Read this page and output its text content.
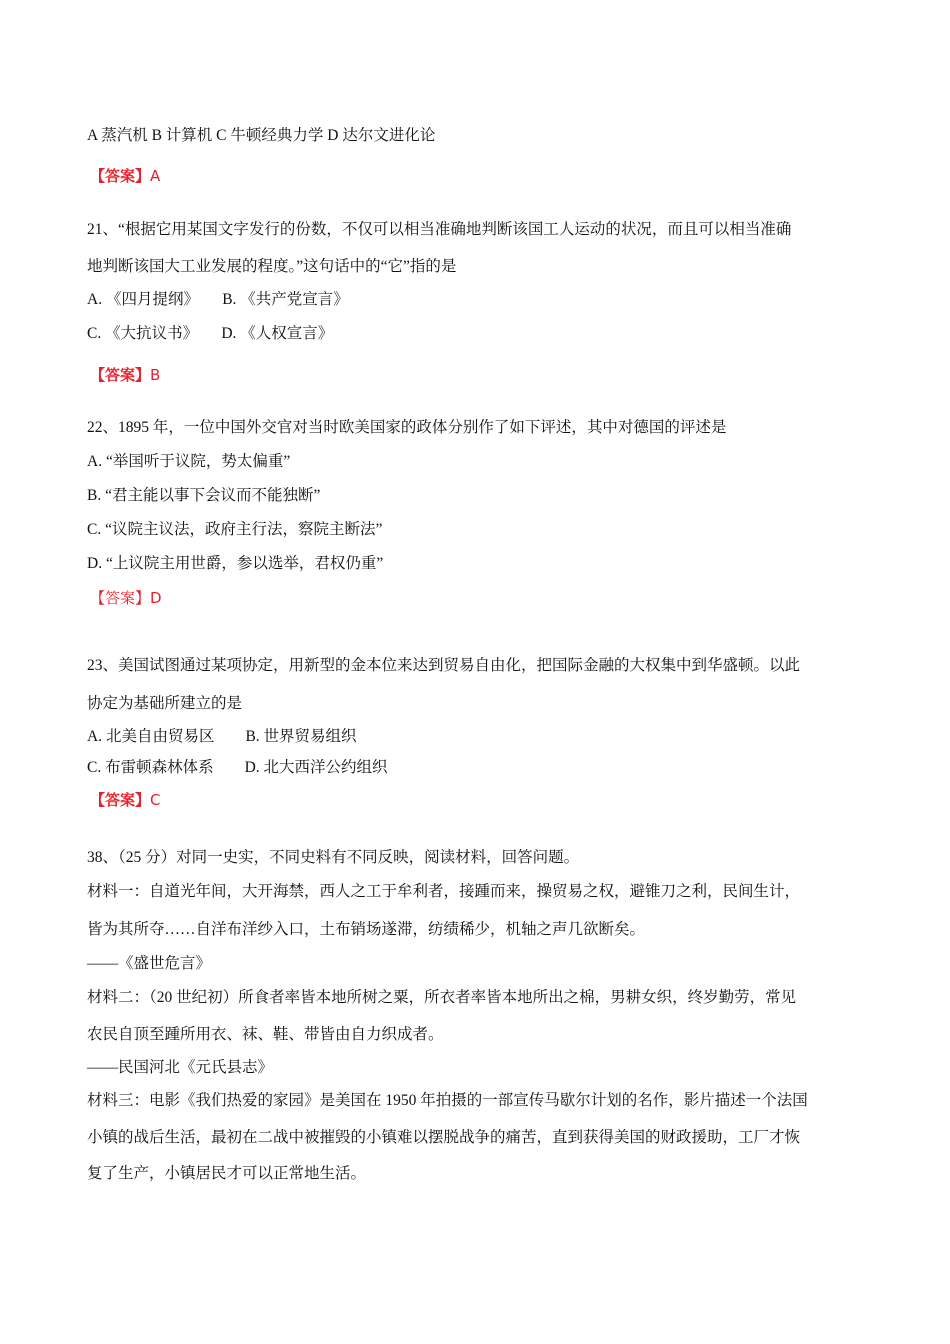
A 蒸汽机 B 计算机 C 牛顿经典力学 D 达尔文进化论
【答案】A
21、“根据它用某国文字发行的份数，不仅可以相当准确地判断该国工人运动的状况，而且可以相当准确
地判断该国大工业发展的程度。”这句话中的“它”指的是
A. 《四月提纲》　　B. 《共产党宣言》
C. 《大抗议书》　　D. 《人权宣言》
【答案】B
22、1895 年，一位中国外交官对当时欧美国家的政体分别作了如下评述，其中对德国的评述是
A. “举国听于议院，势太偏重”
B. “君主能以事下会议而不能独断”
C. “议院主议法，政府主行法，察院主断法”
D. “上议院主用世爵，参以选举，君权仍重”
【答案】D
23、美国试图通过某项协定，用新型的金本位来达到贸易自由化，把国际金融的大权集中到华盛顿。以此
协定为基础所建立的是
A. 北美自由贸易区　　B. 世界贸易组织
C. 布雷顿森林体系　　D. 北大西洋公约组织
【答案】C
38、（25 分）对同一史实，不同史料有不同反映，阅读材料，回答问题。
材料一：自道光年间，大开海禁，西人之工于牟利者，接踵而来，操贸易之权，避锥刀之利，民间生计，
皆为其所夺……自洋布洋纱入口，土布销场遂滞，纺绩稀少，机轴之声几欲断矣。
——《盛世危言》
材料二：（20 世纪初）所食者率皆本地所树之粟，所衣者率皆本地所出之棉，男耕女织，终岁勤劳，常见
农民自顶至踵所用衣、袜、鞋、带皆由自力织成者。
——民国河北《元氏县志》
材料三：电影《我们热爱的家园》是美国在 1950 年拍摄的一部宣传马歇尔计划的名作，影片描述一个法国
小镇的战后生活，最初在二战中被摧毁的小镇难以摆脱战争的痛苦，直到获得美国的财政援助，工厂才恢
复了生产，小镇居民才可以正常地生活。
